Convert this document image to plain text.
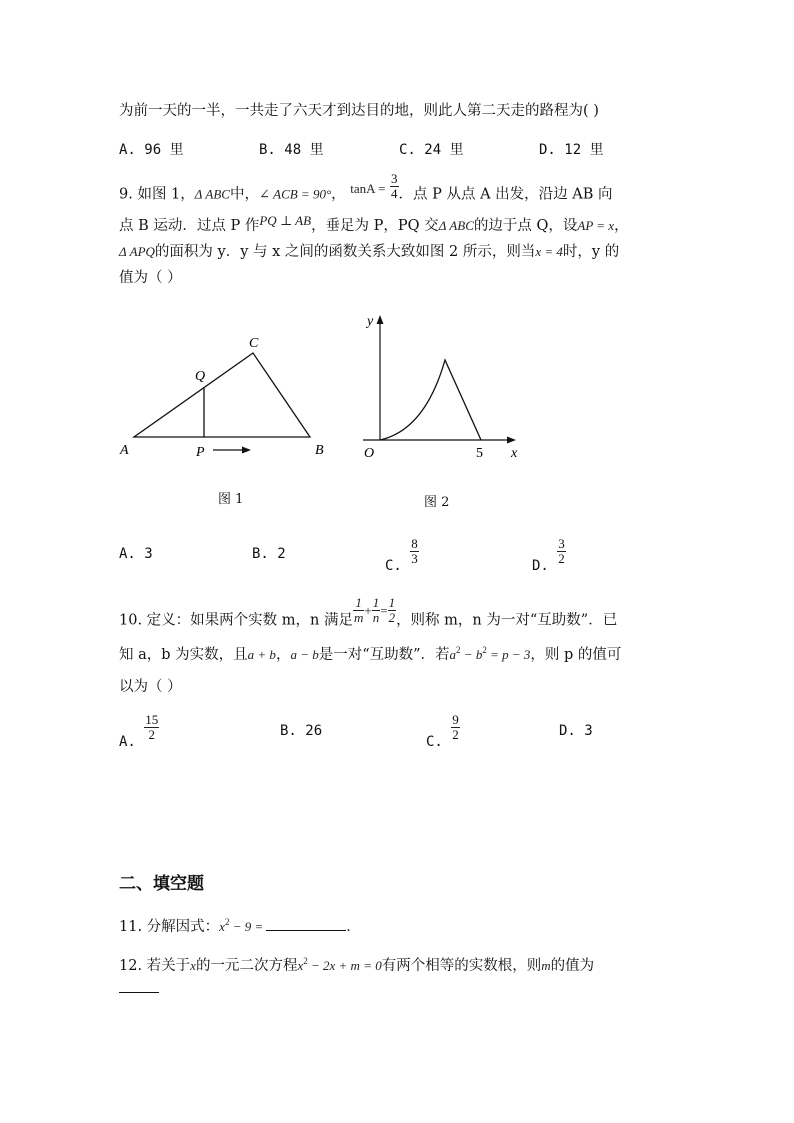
为前一天的一半，一共走了六天才到达目的地，则此人第二天走的路程为( )
A. 96 里	B. 48 里	C. 24 里	D. 12 里
9. 如图 1，Δ ABC中，∠ ACB = 90°， $\tan A = \frac{3}{4}$ ．点 P 从点 A 出发，沿边 AB 向
点 B 运动．过点 P 作PQ ⊥ AB，垂足为 P，PQ 交Δ ABC的边于点 Q，设AP = x，
Δ APQ的面积为 y．y 与 x 之间的函数关系大致如图 2 所示，则当x = 4时，y 的
值为（ ）
A	B
C
Q
P
图 1
y
x
O	5
图 2
A. 3	B. 2
C. $\frac{8}{3}$	D. $\frac{3}{2}$
10. 定义：如果两个实数 m，n 满足 $\frac{1}{m} + \frac{1}{n} = \frac{1}{2}$ ，则称 m，n 为一对“互助数”．已
知 a，b 为实数，且a + b，a − b是一对“互助数”．若$a^2 - b^2 = p - 3$，则 p 的值可
以为（ ）
A. $\frac{15}{2}$	B. 26
C. $\frac{9}{2}$	D. 3
二、填空题
11. 分解因式：$x^2 - 9$ =	．
12. 若关于x的一元二次方程$x^2 - 2x + m = 0$有两个相等的实数根，则m的值为
